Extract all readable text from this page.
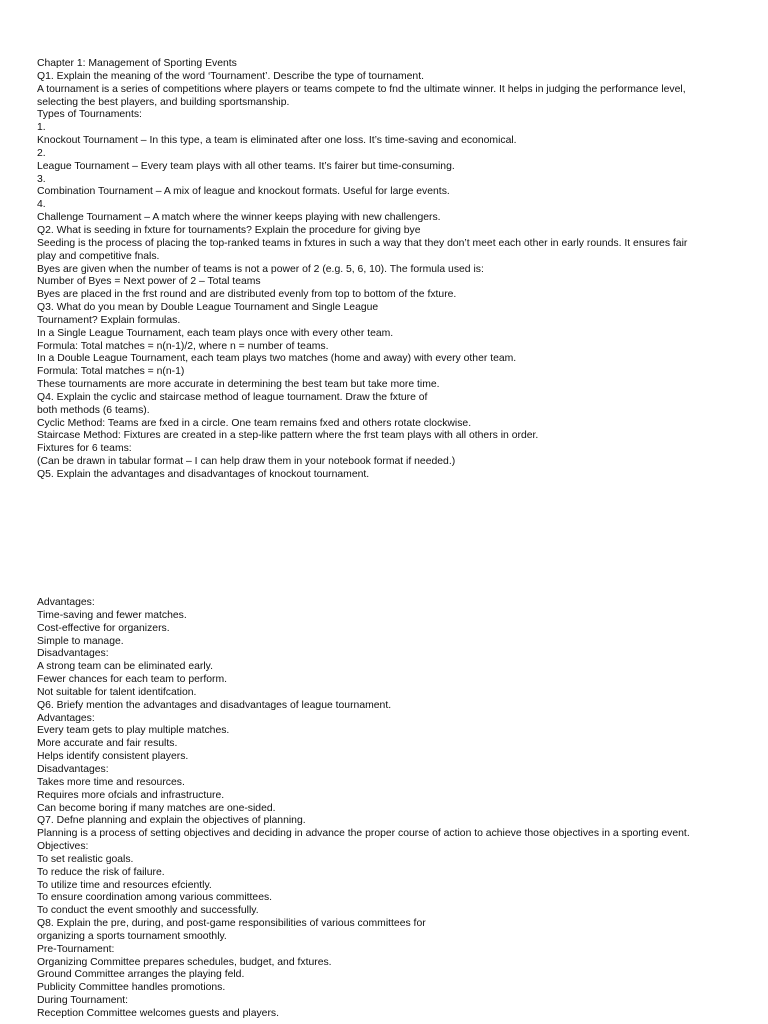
Chapter 1: Management of Sporting Events
Q1. Explain the meaning of the word ‘Tournament’. Describe the type of tournament.
A tournament is a series of competitions where players or teams compete to fnd the ultimate winner. It helps in judging the performance level,
selecting the best players, and building sportsmanship.
Types of Tournaments:
1.
Knockout Tournament – In this type, a team is eliminated after one loss. It’s time-saving and economical.
2.
League Tournament – Every team plays with all other teams. It’s fairer but time-consuming.
3.
Combination Tournament – A mix of league and knockout formats. Useful for large events.
4.
Challenge Tournament – A match where the winner keeps playing with new challengers.
Q2. What is seeding in fxture for tournaments? Explain the procedure for giving bye
Seeding is the process of placing the top-ranked teams in fxtures in such a way that they don’t meet each other in early rounds. It ensures fair
play and competitive fnals.
Byes are given when the number of teams is not a power of 2 (e.g. 5, 6, 10). The formula used is:
Number of Byes = Next power of 2 – Total teams
Byes are placed in the frst round and are distributed evenly from top to bottom of the fxture.
Q3. What do you mean by Double League Tournament and Single League
Tournament? Explain formulas.
In a Single League Tournament, each team plays once with every other team.
Formula: Total matches = n(n-1)/2, where n = number of teams.
In a Double League Tournament, each team plays two matches (home and away) with every other team.
Formula: Total matches = n(n-1)
These tournaments are more accurate in determining the best team but take more time.
Q4. Explain the cyclic and staircase method of league tournament. Draw the fxture of
both methods (6 teams).
Cyclic Method: Teams are fxed in a circle. One team remains fxed and others rotate clockwise.
Staircase Method: Fixtures are created in a step-like pattern where the frst team plays with all others in order.
Fixtures for 6 teams:
(Can be drawn in tabular format – I can help draw them in your notebook format if needed.)
Q5. Explain the advantages and disadvantages of knockout tournament.
Advantages:
Time-saving and fewer matches.
Cost-effective for organizers.
Simple to manage.
Disadvantages:
A strong team can be eliminated early.
Fewer chances for each team to perform.
Not suitable for talent identifcation.
Q6. Briefy mention the advantages and disadvantages of league tournament.
Advantages:
Every team gets to play multiple matches.
More accurate and fair results.
Helps identify consistent players.
Disadvantages:
Takes more time and resources.
Requires more ofcials and infrastructure.
Can become boring if many matches are one-sided.
Q7. Defne planning and explain the objectives of planning.
Planning is a process of setting objectives and deciding in advance the proper course of action to achieve those objectives in a sporting event.
Objectives:
To set realistic goals.
To reduce the risk of failure.
To utilize time and resources efciently.
To ensure coordination among various committees.
To conduct the event smoothly and successfully.
Q8. Explain the pre, during, and post-game responsibilities of various committees for
organizing a sports tournament smoothly.
Pre-Tournament:
Organizing Committee prepares schedules, budget, and fxtures.
Ground Committee arranges the playing feld.
Publicity Committee handles promotions.
During Tournament:
Reception Committee welcomes guests and players.
